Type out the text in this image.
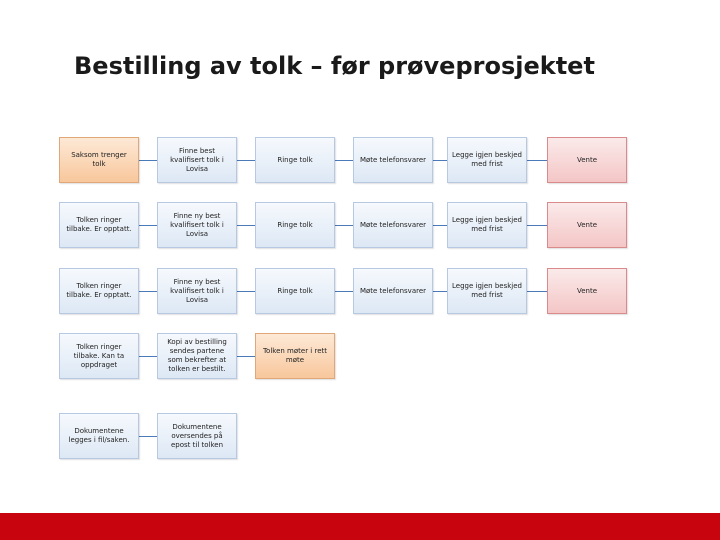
Bestilling av tolk – før prøveprosjektet
Saksom trenger tolk
Finne best kvalifisert tolk i Lovisa
Ringe tolk	Møte telefonsvarer
Legge igjen beskjed med frist
Vente
Tolken ringer tilbake. Er opptatt.
Finne ny best kvalifisert tolk i Lovisa
Ringe tolk	Møte telefonsvarer
Legge igjen beskjed med frist
Vente
Tolken ringer tilbake. Er opptatt.
Finne ny best kvalifisert tolk i Lovisa
Ringe tolk	Møte telefonsvarer
Legge igjen beskjed med frist
Vente
Tolken ringer tilbake. Kan ta oppdraget
Kopi av bestilling sendes partene som bekrefter at tolken er bestilt.
Tolken møter i rett møte
Dokumentene legges i fil/saken.
Dokumentene oversendes på epost til tolken
